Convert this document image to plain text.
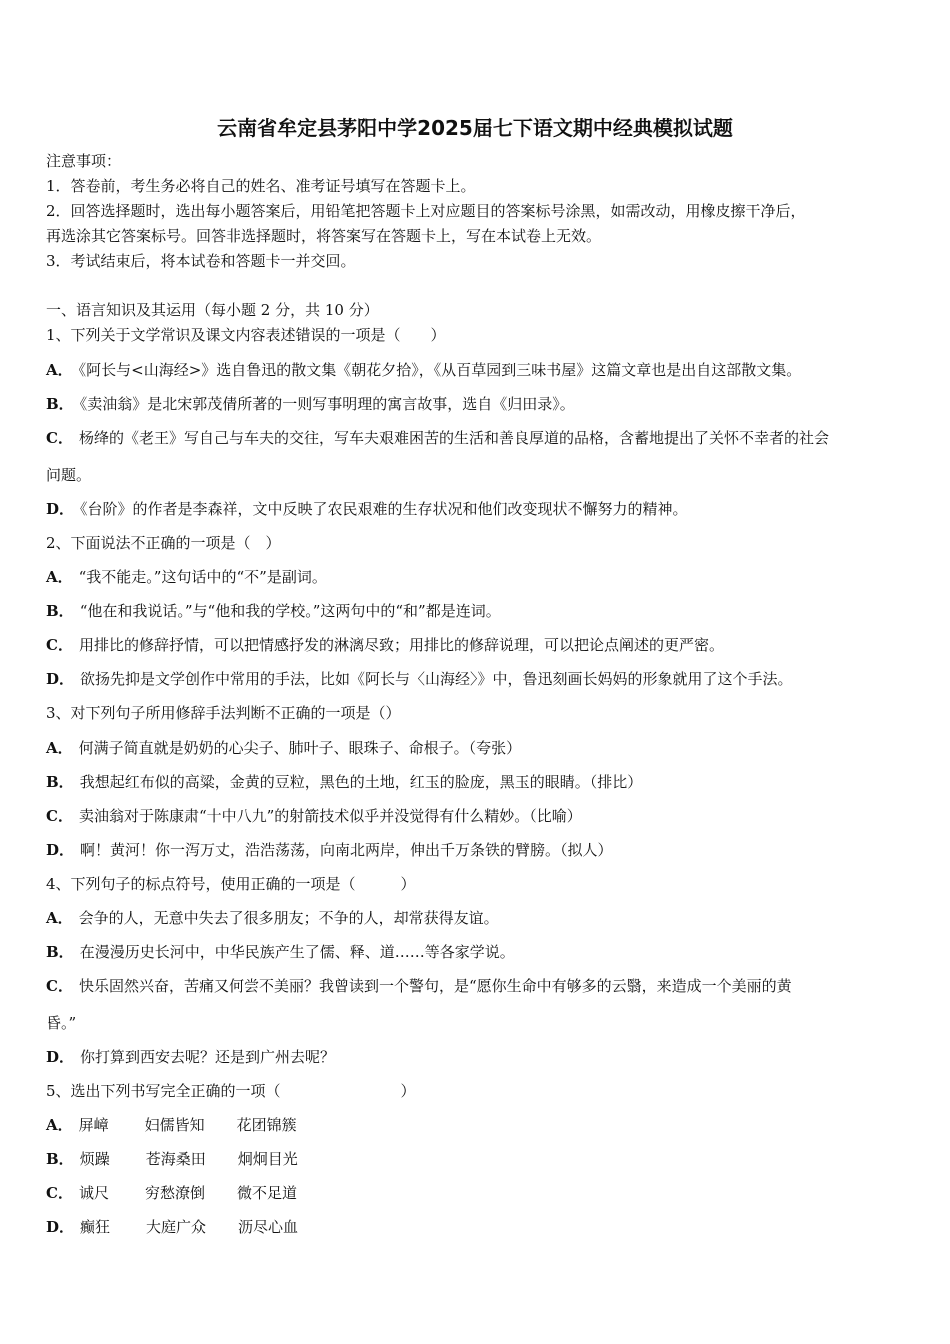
云南省牟定县茅阳中学2025届七下语文期中经典模拟试题
注意事项：
1．答卷前，考生务必将自己的姓名、准考证号填写在答题卡上。
2．回答选择题时，选出每小题答案后，用铅笔把答题卡上对应题目的答案标号涂黑，如需改动，用橡皮擦干净后，
再选涂其它答案标号。回答非选择题时，将答案写在答题卡上，写在本试卷上无效。
3．考试结束后，将本试卷和答题卡一并交回。
一、语言知识及其运用（每小题 2 分，共 10 分）
1、下列关于文学常识及课文内容表述错误的一项是（　　）
A． 《阿长与<山海经>》选自鲁迅的散文集《朝花夕拾》，《从百草园到三味书屋》这篇文章也是出自这部散文集。
B． 《卖油翁》是北宋郭茂倩所著的一则写事明理的寓言故事，选自《归田录》。
C． 杨绛的《老王》写自己与车夫的交往，写车夫艰难困苦的生活和善良厚道的品格，含蓄地提出了关怀不幸者的社会
问题。
D． 《台阶》的作者是李森祥，文中反映了农民艰难的生存状况和他们改变现状不懈努力的精神。
2、下面说法不正确的一项是（　）
A． “我不能走。”这句话中的“不”是副词。
B． “他在和我说话。”与“他和我的学校。”这两句中的“和”都是连词。
C． 用排比的修辞抒情，可以把情感抒发的淋漓尽致；用排比的修辞说理，可以把论点阐述的更严密。
D． 欲扬先抑是文学创作中常用的手法，比如《阿长与〈山海经〉》中，鲁迅刻画长妈妈的形象就用了这个手法。
3、对下列句子所用修辞手法判断不正确的一项是（）
A． 何满子简直就是奶奶的心尖子、肺叶子、眼珠子、命根子。（夸张）
B． 我想起红布似的高粱，金黄的豆粒，黑色的土地，红玉的脸庞，黑玉的眼睛。（排比）
C． 卖油翁对于陈康肃“十中八九”的射箭技术似乎并没觉得有什么精妙。（比喻）
D． 啊！黄河！你一泻万丈，浩浩荡荡，向南北两岸，伸出千万条铁的臂膀。（拟人）
4、下列句子的标点符号，使用正确的一项是（　　　）
A． 会争的人，无意中失去了很多朋友；不争的人，却常获得友谊。
B． 在漫漫历史长河中，中华民族产生了儒、释、道……等各家学说。
C． 快乐固然兴奋，苦痛又何尝不美丽？我曾读到一个警句，是“愿你生命中有够多的云翳，来造成一个美丽的黄
昏。”
D． 你打算到西安去呢？还是到广州去呢？
5、选出下列书写完全正确的一项（　　　　　　　　）
A． 屏嶂 妇儒皆知 花团锦簇
B． 烦躁 苍海桑田 炯炯目光
C． 诚尺 穷愁潦倒 微不足道
D． 癫狂 大庭广众 沥尽心血
